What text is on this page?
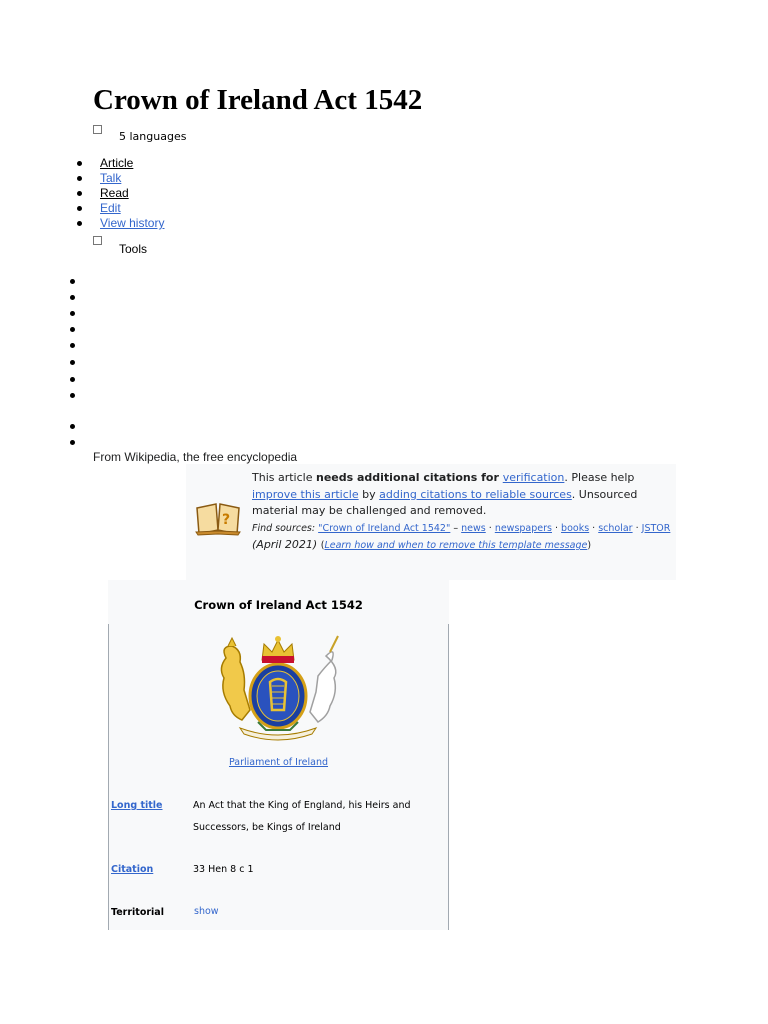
Crown of Ireland Act 1542
5 languages
Article
Talk
Read
Edit
View history
Tools
From Wikipedia, the free encyclopedia
?
This article needs additional citations for verification. Please help improve this article by adding citations to reliable sources. Unsourced material may be challenged and removed.
Find sources: "Crown of Ireland Act 1542" – news · newspapers · books · scholar · JSTOR (April 2021) (Learn how and when to remove this template message)
Crown of Ireland Act 1542
Parliament of Ireland
Long title	An Act that the King of England, his Heirs and Successors, be Kings of Ireland
Citation	33 Hen 8 c 1
Territorial	show
